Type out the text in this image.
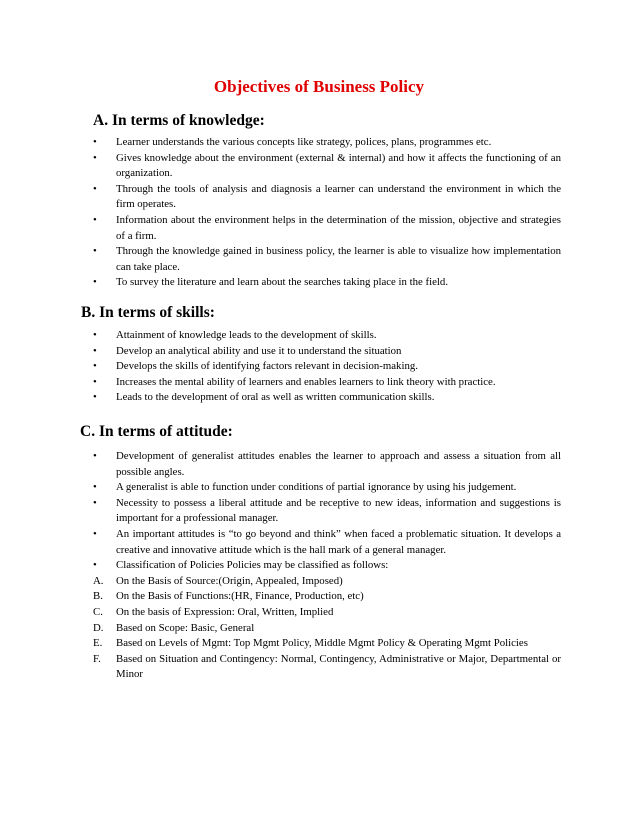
Objectives of Business Policy
A. In terms of knowledge:
•	Learner understands the various concepts like strategy, polices, plans, programmes etc.
•	Gives knowledge about the environment (external & internal) and how it affects the functioning of an organization.
•	Through the tools of analysis and diagnosis a learner can understand the environment in which the firm operates.
•	Information about the environment helps in the determination of the mission, objective and strategies of a firm.
•	Through the knowledge gained in business policy, the learner is able to visualize how implementation can take place.
•	To survey the literature and learn about the searches taking place in the field.
B. In terms of skills:
•	Attainment of knowledge leads to the development of skills.
•	Develop an analytical ability and use it to understand the situation
•	Develops the skills of identifying factors relevant in decision-making.
•	Increases the mental ability of learners and enables learners to link theory with practice.
•	Leads to the development of oral as well as written communication skills.
C. In terms of attitude:
•	Development of generalist attitudes enables the learner to approach and assess a situation from all possible angles.
•	A generalist is able to function under conditions of partial ignorance by using his judgement.
•	Necessity to possess a liberal attitude and be receptive to new ideas, information and suggestions is important for a professional manager.
•	An important attitudes is “to go beyond and think” when faced a problematic situation. It develops a creative and innovative attitude which is the hall mark of a general manager.
•	Classification of Policies Policies may be classified as follows:
A.	On the Basis of Source:(Origin, Appealed, Imposed)
B.	On the Basis of Functions:(HR, Finance, Production, etc)
C.	On the basis of Expression: Oral, Written, Implied
D.	Based on Scope: Basic, General
E.	Based on Levels of Mgmt: Top Mgmt Policy, Middle Mgmt Policy & Operating Mgmt Policies
F.	Based on Situation and Contingency: Normal, Contingency, Administrative or Major, Departmental or Minor
